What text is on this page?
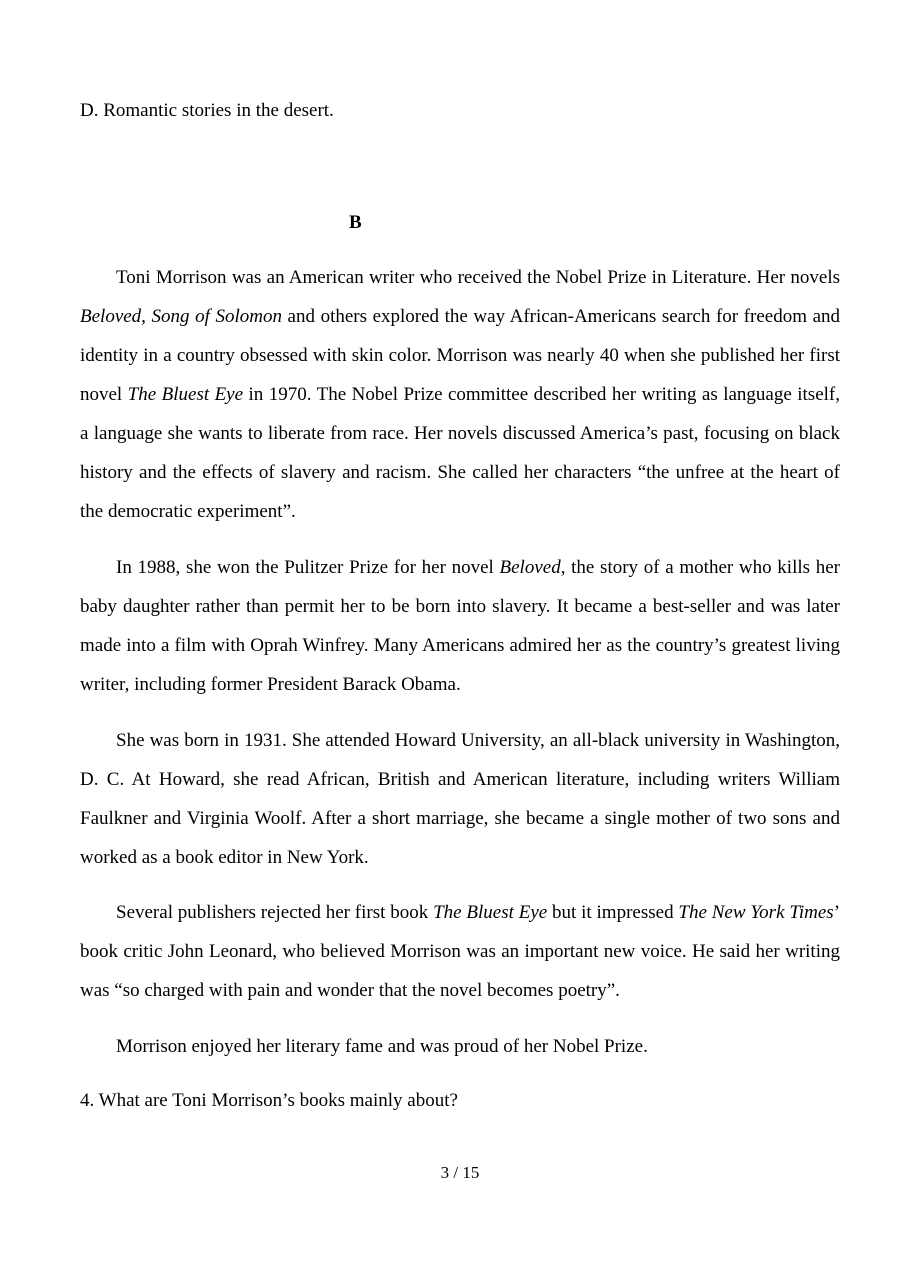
D. Romantic stories in the desert.
B

Toni Morrison was an American writer who received the Nobel Prize in Literature. Her novels Beloved, Song of Solomon and others explored the way African-Americans search for freedom and identity in a country obsessed with skin color. Morrison was nearly 40 when she published her first novel The Bluest Eye in 1970. The Nobel Prize committee described her writing as language itself, a language she wants to liberate from race. Her novels discussed America’s past, focusing on black history and the effects of slavery and racism. She called her characters “the unfree at the heart of the democratic experiment”.

In 1988, she won the Pulitzer Prize for her novel Beloved, the story of a mother who kills her baby daughter rather than permit her to be born into slavery. It became a best-seller and was later made into a film with Oprah Winfrey. Many Americans admired her as the country’s greatest living writer, including former President Barack Obama.

She was born in 1931. She attended Howard University, an all-black university in Washington, D. C. At Howard, she read African, British and American literature, including writers William Faulkner and Virginia Woolf. After a short marriage, she became a single mother of two sons and worked as a book editor in New York.

Several publishers rejected her first book The Bluest Eye but it impressed The New York Times’ book critic John Leonard, who believed Morrison was an important new voice. He said her writing was “so charged with pain and wonder that the novel becomes poetry”.

Morrison enjoyed her literary fame and was proud of her Nobel Prize.

4. What are Toni Morrison’s books mainly about?
3 / 15
